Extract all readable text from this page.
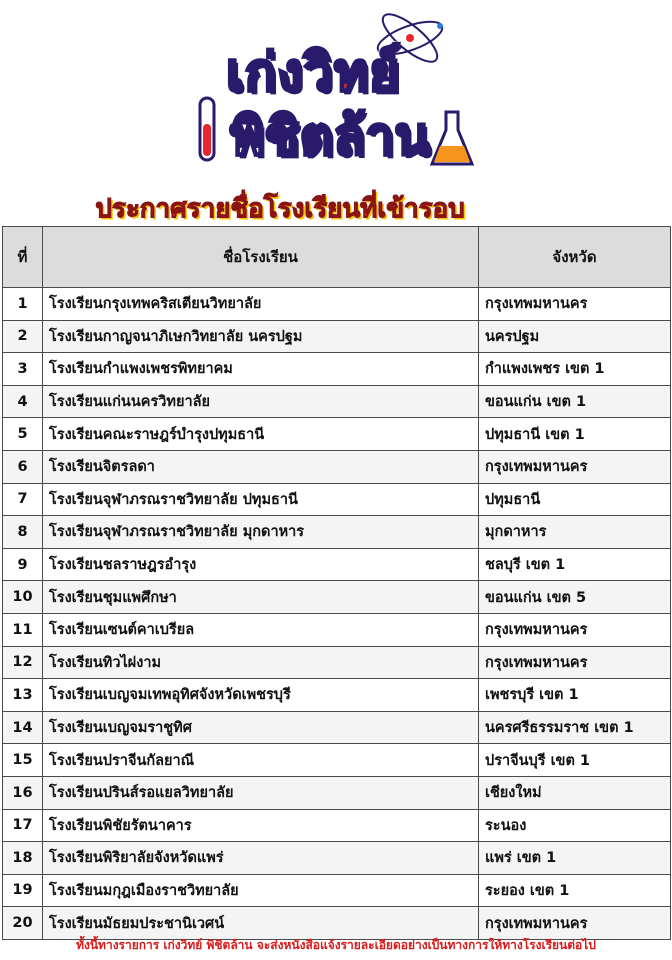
เก่งวิทย์
พิชิตล้าน
ประกาศรายชื่อโรงเรียนที่เข้ารอบ
ที่	ชื่อโรงเรียน	จังหวัด
1	โรงเรียนกรุงเทพคริสเตียนวิทยาลัย	กรุงเทพมหานคร
2	โรงเรียนกาญจนาภิเษกวิทยาลัย นครปฐม	นครปฐม
3	โรงเรียนกำแพงเพชรพิทยาคม	กำแพงเพชร เขต 1
4	โรงเรียนแก่นนครวิทยาลัย	ขอนแก่น เขต 1
5	โรงเรียนคณะราษฎร์บำรุงปทุมธานี	ปทุมธานี เขต 1
6	โรงเรียนจิตรลดา	กรุงเทพมหานคร
7	โรงเรียนจุฬาภรณราชวิทยาลัย ปทุมธานี	ปทุมธานี
8	โรงเรียนจุฬาภรณราชวิทยาลัย มุกดาหาร	มุกดาหาร
9	โรงเรียนชลราษฎรอำรุง	ชลบุรี เขต 1
10	โรงเรียนชุมแพศึกษา	ขอนแก่น เขต 5
11	โรงเรียนเซนต์คาเบรียล	กรุงเทพมหานคร
12	โรงเรียนทิวไผ่งาม	กรุงเทพมหานคร
13	โรงเรียนเบญจมเทพอุทิศจังหวัดเพชรบุรี	เพชรบุรี เขต 1
14	โรงเรียนเบญจมราชูทิศ	นครศรีธรรมราช เขต 1
15	โรงเรียนปราจีนกัลยาณี	ปราจีนบุรี เขต 1
16	โรงเรียนปรินส์รอแยลวิทยาลัย	เชียงใหม่
17	โรงเรียนพิชัยรัตนาคาร	ระนอง
18	โรงเรียนพิริยาลัยจังหวัดแพร่	แพร่ เขต 1
19	โรงเรียนมกุฎเมืองราชวิทยาลัย	ระยอง เขต 1
20	โรงเรียนมัธยมประชานิเวศน์	กรุงเทพมหานคร
ทั้งนี้ทางรายการ เก่งวิทย์ พิชิตล้าน จะส่งหนังสือแจ้งรายละเอียดอย่างเป็นทางการให้ทางโรงเรียนต่อไป
